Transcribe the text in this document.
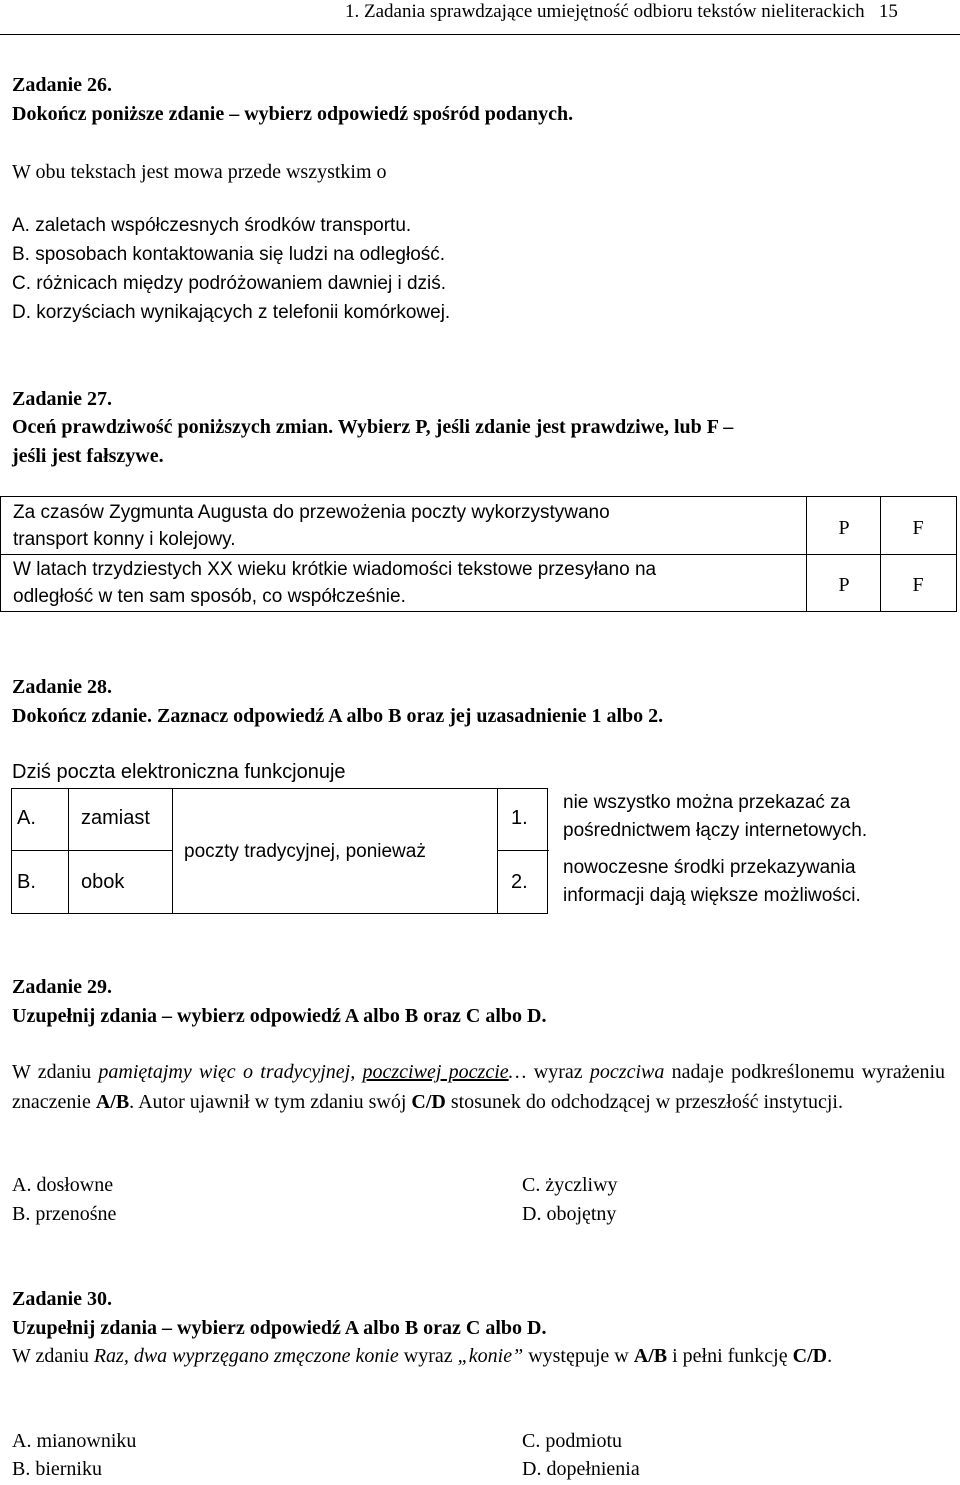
1. Zadania sprawdzające umiejętność odbioru tekstów nieliterackich 15
Zadanie 26.
Dokończ poniższe zdanie – wybierz odpowiedź spośród podanych.
W obu tekstach jest mowa przede wszystkim o
A. zaletach współczesnych środków transportu.
B. sposobach kontaktowania się ludzi na odległość.
C. różnicach między podróżowaniem dawniej i dziś.
D. korzyściach wynikających z telefonii komórkowej.
Zadanie 27.
Oceń prawdziwość poniższych zmian. Wybierz P, jeśli zdanie jest prawdziwe, lub F –
jeśli jest fałszywe.
Za czasów Zygmunta Augusta do przewożenia poczty wykorzystywano
transport konny i kolejowy.
P	F
W latach trzydziestych XX wieku krótkie wiadomości tekstowe przesyłano na
odległość w ten sam sposób, co współcześnie.
P	F
Zadanie 28.
Dokończ zdanie. Zaznacz odpowiedź A albo B oraz jej uzasadnienie 1 albo 2.
Dziś poczta elektroniczna funkcjonuje
A. zamiast
B. obok
poczty tradycyjnej, ponieważ
1.
2.
nie wszystko można przekazać za
pośrednictwem łączy internetowych.
nowoczesne środki przekazywania
informacji dają większe możliwości.
Zadanie 29.
Uzupełnij zdania – wybierz odpowiedź A albo B oraz C albo D.
W zdaniu pamiętajmy więc o tradycyjnej, poczciwej poczcie… wyraz poczciwa nadaje podkreślonemu wyrażeniu znaczenie A/B. Autor ujawnił w tym zdaniu swój C/D stosunek do odchodzącej w przeszłość instytucji.
A. dosłowne
B. przenośne
C. życzliwy
D. obojętny
Zadanie 30.
Uzupełnij zdania – wybierz odpowiedź A albo B oraz C albo D.
W zdaniu Raz, dwa wyprzęgano zmęczone konie wyraz „konie” występuje w A/B i pełni funkcję C/D.
A. mianowniku
B. bierniku
C. podmiotu
D. dopełnienia
